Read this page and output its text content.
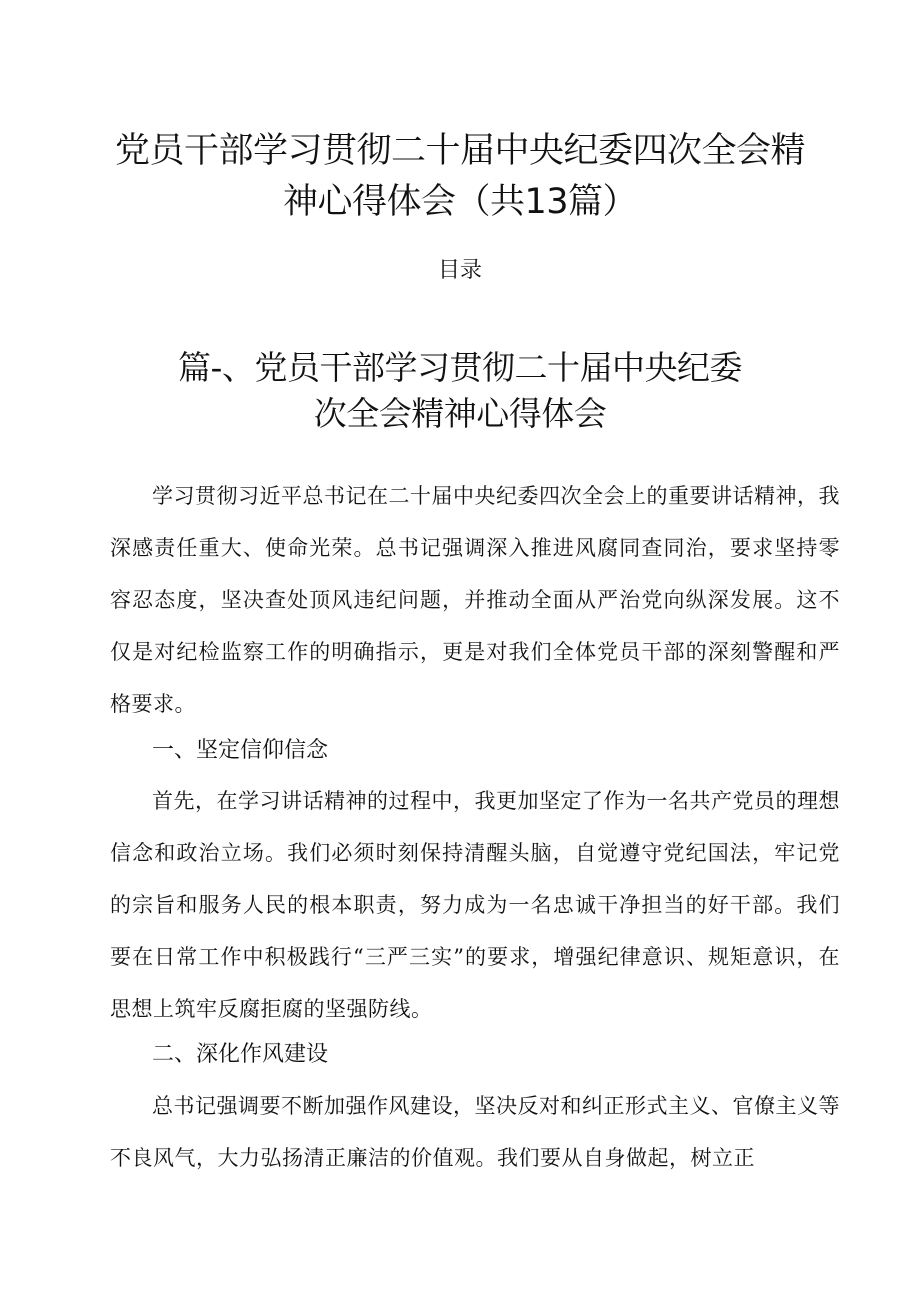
党员干部学习贯彻二十届中央纪委四次全会精
神心得体会（共13篇）
目录
篇-、党员干部学习贯彻二十届中央纪委
次全会精神心得体会

学习贯彻习近平总书记在二十届中央纪委四次全会上的重要讲话精神，我深感责任重大、使命光荣。总书记强调深入推进风腐同查同治，要求坚持零容忍态度，坚决查处顶风违纪问题，并推动全面从严治党向纵深发展。这不仅是对纪检监察工作的明确指示，更是对我们全体党员干部的深刻警醒和严格要求。

一、坚定信仰信念

首先，在学习讲话精神的过程中，我更加坚定了作为一名共产党员的理想信念和政治立场。我们必须时刻保持清醒头脑，自觉遵守党纪国法，牢记党的宗旨和服务人民的根本职责，努力成为一名忠诚干净担当的好干部。我们要在日常工作中积极践行“三严三实”的要求，增强纪律意识、规矩意识，在思想上筑牢反腐拒腐的坚强防线。

二、深化作风建设

总书记强调要不断加强作风建设，坚决反对和纠正形式主义、官僚主义等不良风气，大力弘扬清正廉洁的价值观。我们要从自身做起，树立正
